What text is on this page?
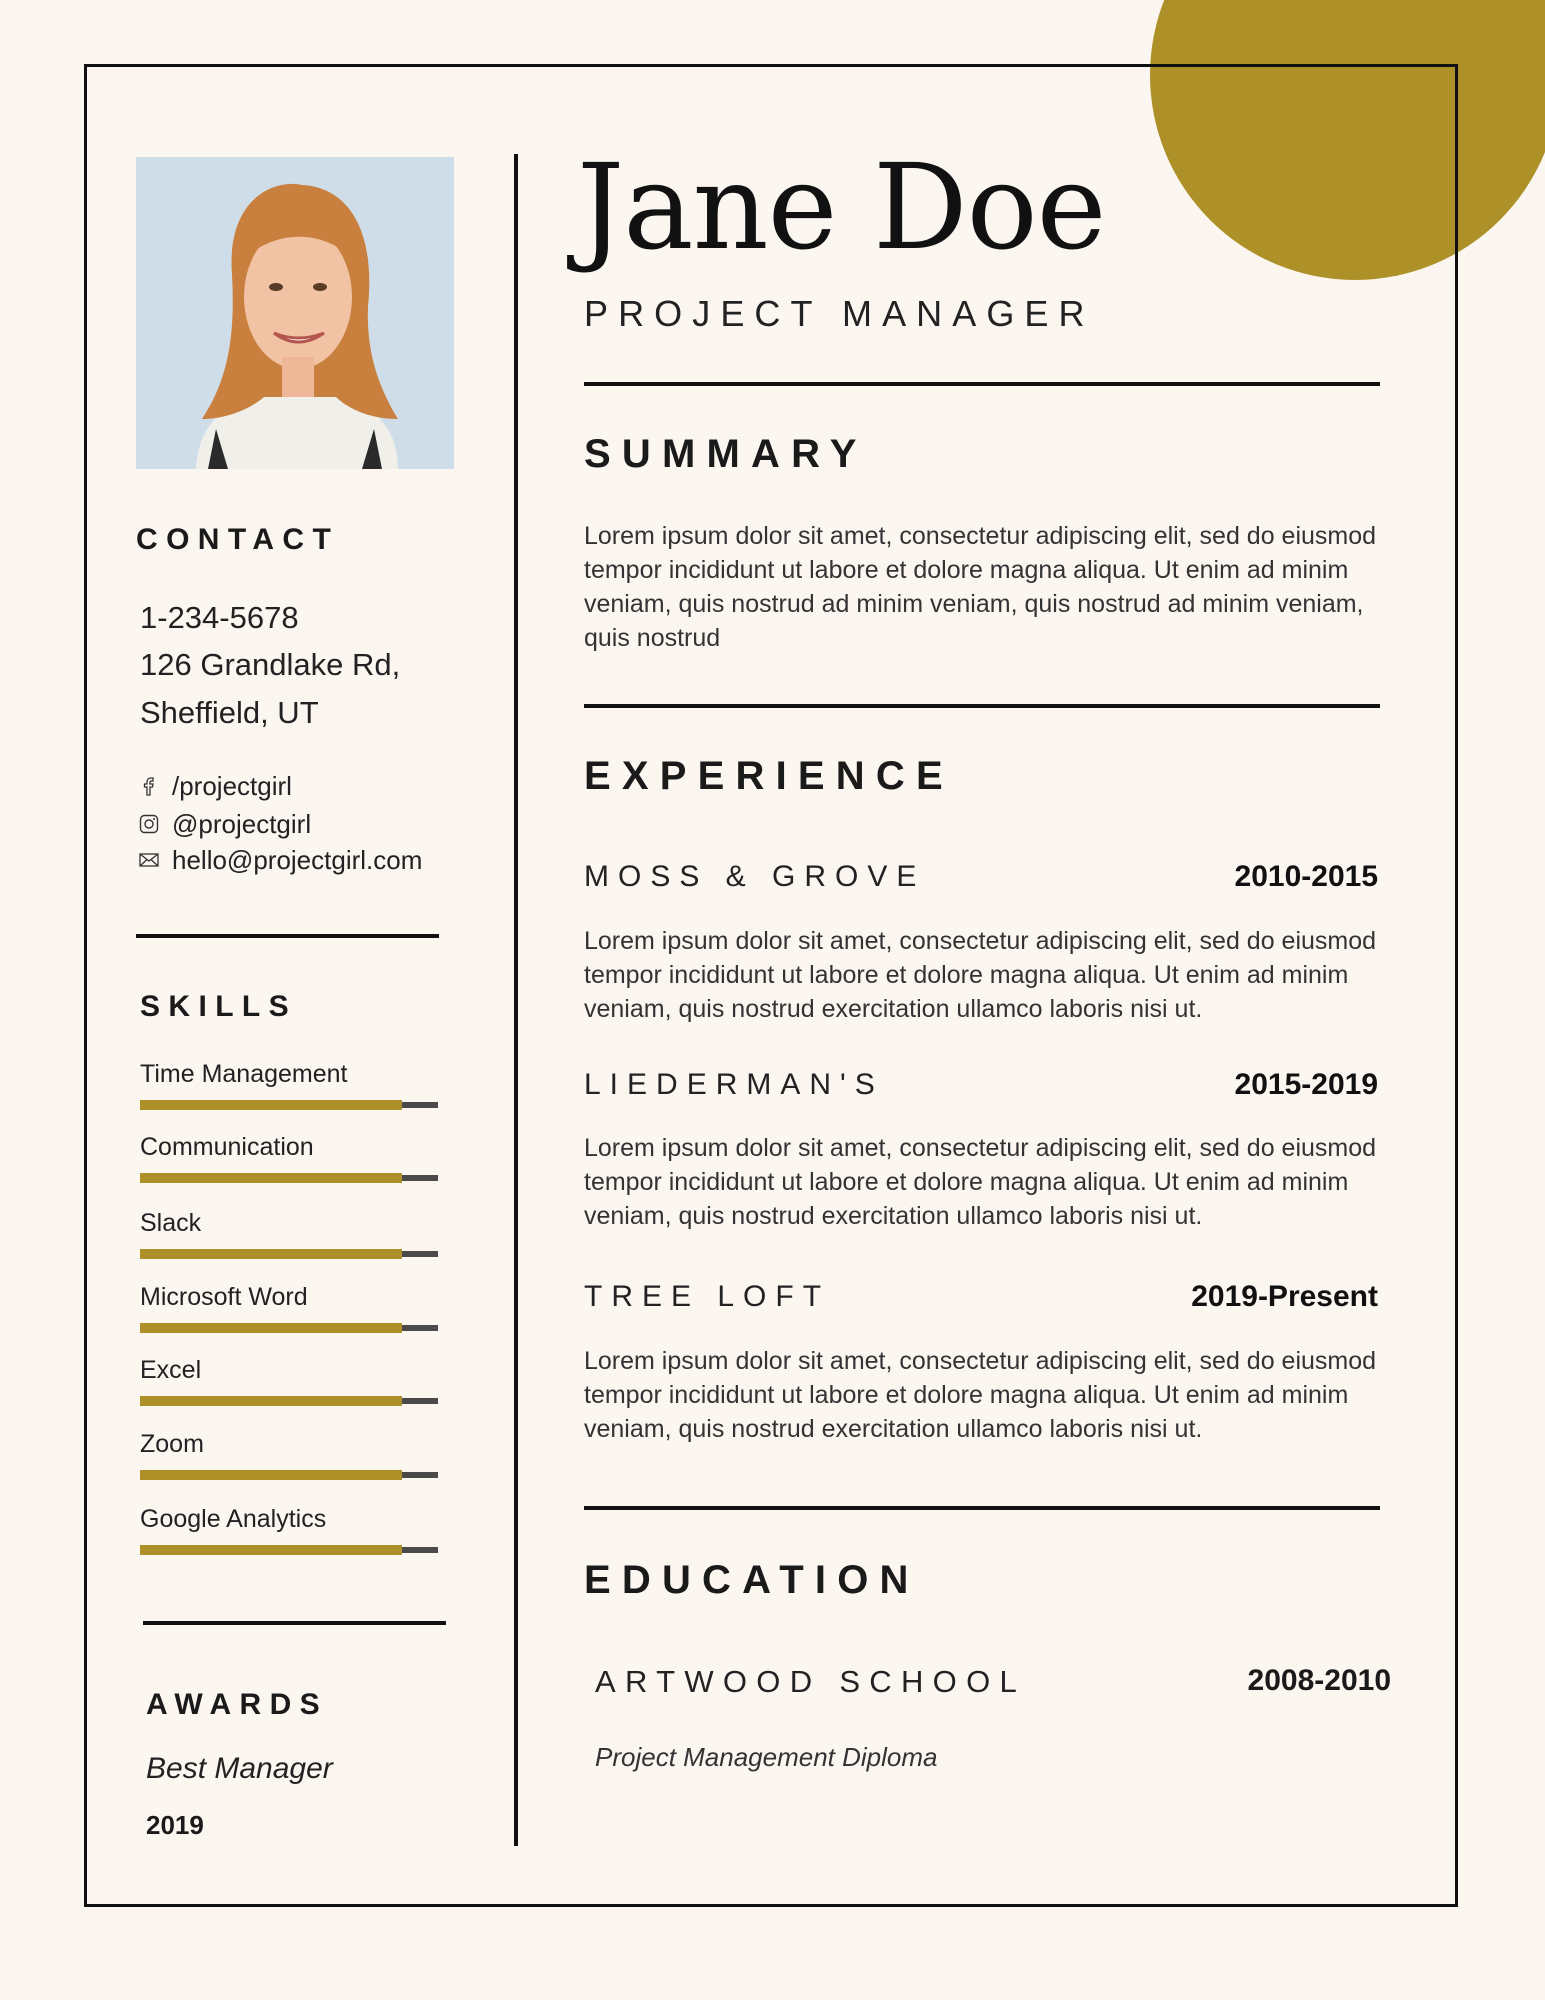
CONTACT
1-234-5678
126 Grandlake Rd,
Sheffield, UT
/projectgirl
@projectgirl
hello@projectgirl.com
SKILLS
Time Management
Communication
Slack
Microsoft Word
Excel
Zoom
Google Analytics
AWARDS
Best Manager
2019
Jane Doe
PROJECT MANAGER
SUMMARY

Lorem ipsum dolor sit amet, consectetur adipiscing elit, sed do eiusmod tempor incididunt ut labore et dolore magna aliqua. Ut enim ad minim veniam, quis nostrud ad minim veniam, quis nostrud ad minim veniam, quis nostrud

EXPERIENCE
MOSS & GROVE	2010-2015

Lorem ipsum dolor sit amet, consectetur adipiscing elit, sed do eiusmod tempor incididunt ut labore et dolore magna aliqua. Ut enim ad minim veniam, quis nostrud exercitation ullamco laboris nisi ut.

LIEDERMAN'S	2015-2019

Lorem ipsum dolor sit amet, consectetur adipiscing elit, sed do eiusmod tempor incididunt ut labore et dolore magna aliqua. Ut enim ad minim veniam, quis nostrud exercitation ullamco laboris nisi ut.

TREE LOFT	2019-Present

Lorem ipsum dolor sit amet, consectetur adipiscing elit, sed do eiusmod tempor incididunt ut labore et dolore magna aliqua. Ut enim ad minim veniam, quis nostrud exercitation ullamco laboris nisi ut.

EDUCATION
ARTWOOD SCHOOL	2008-2010
Project Management Diploma
